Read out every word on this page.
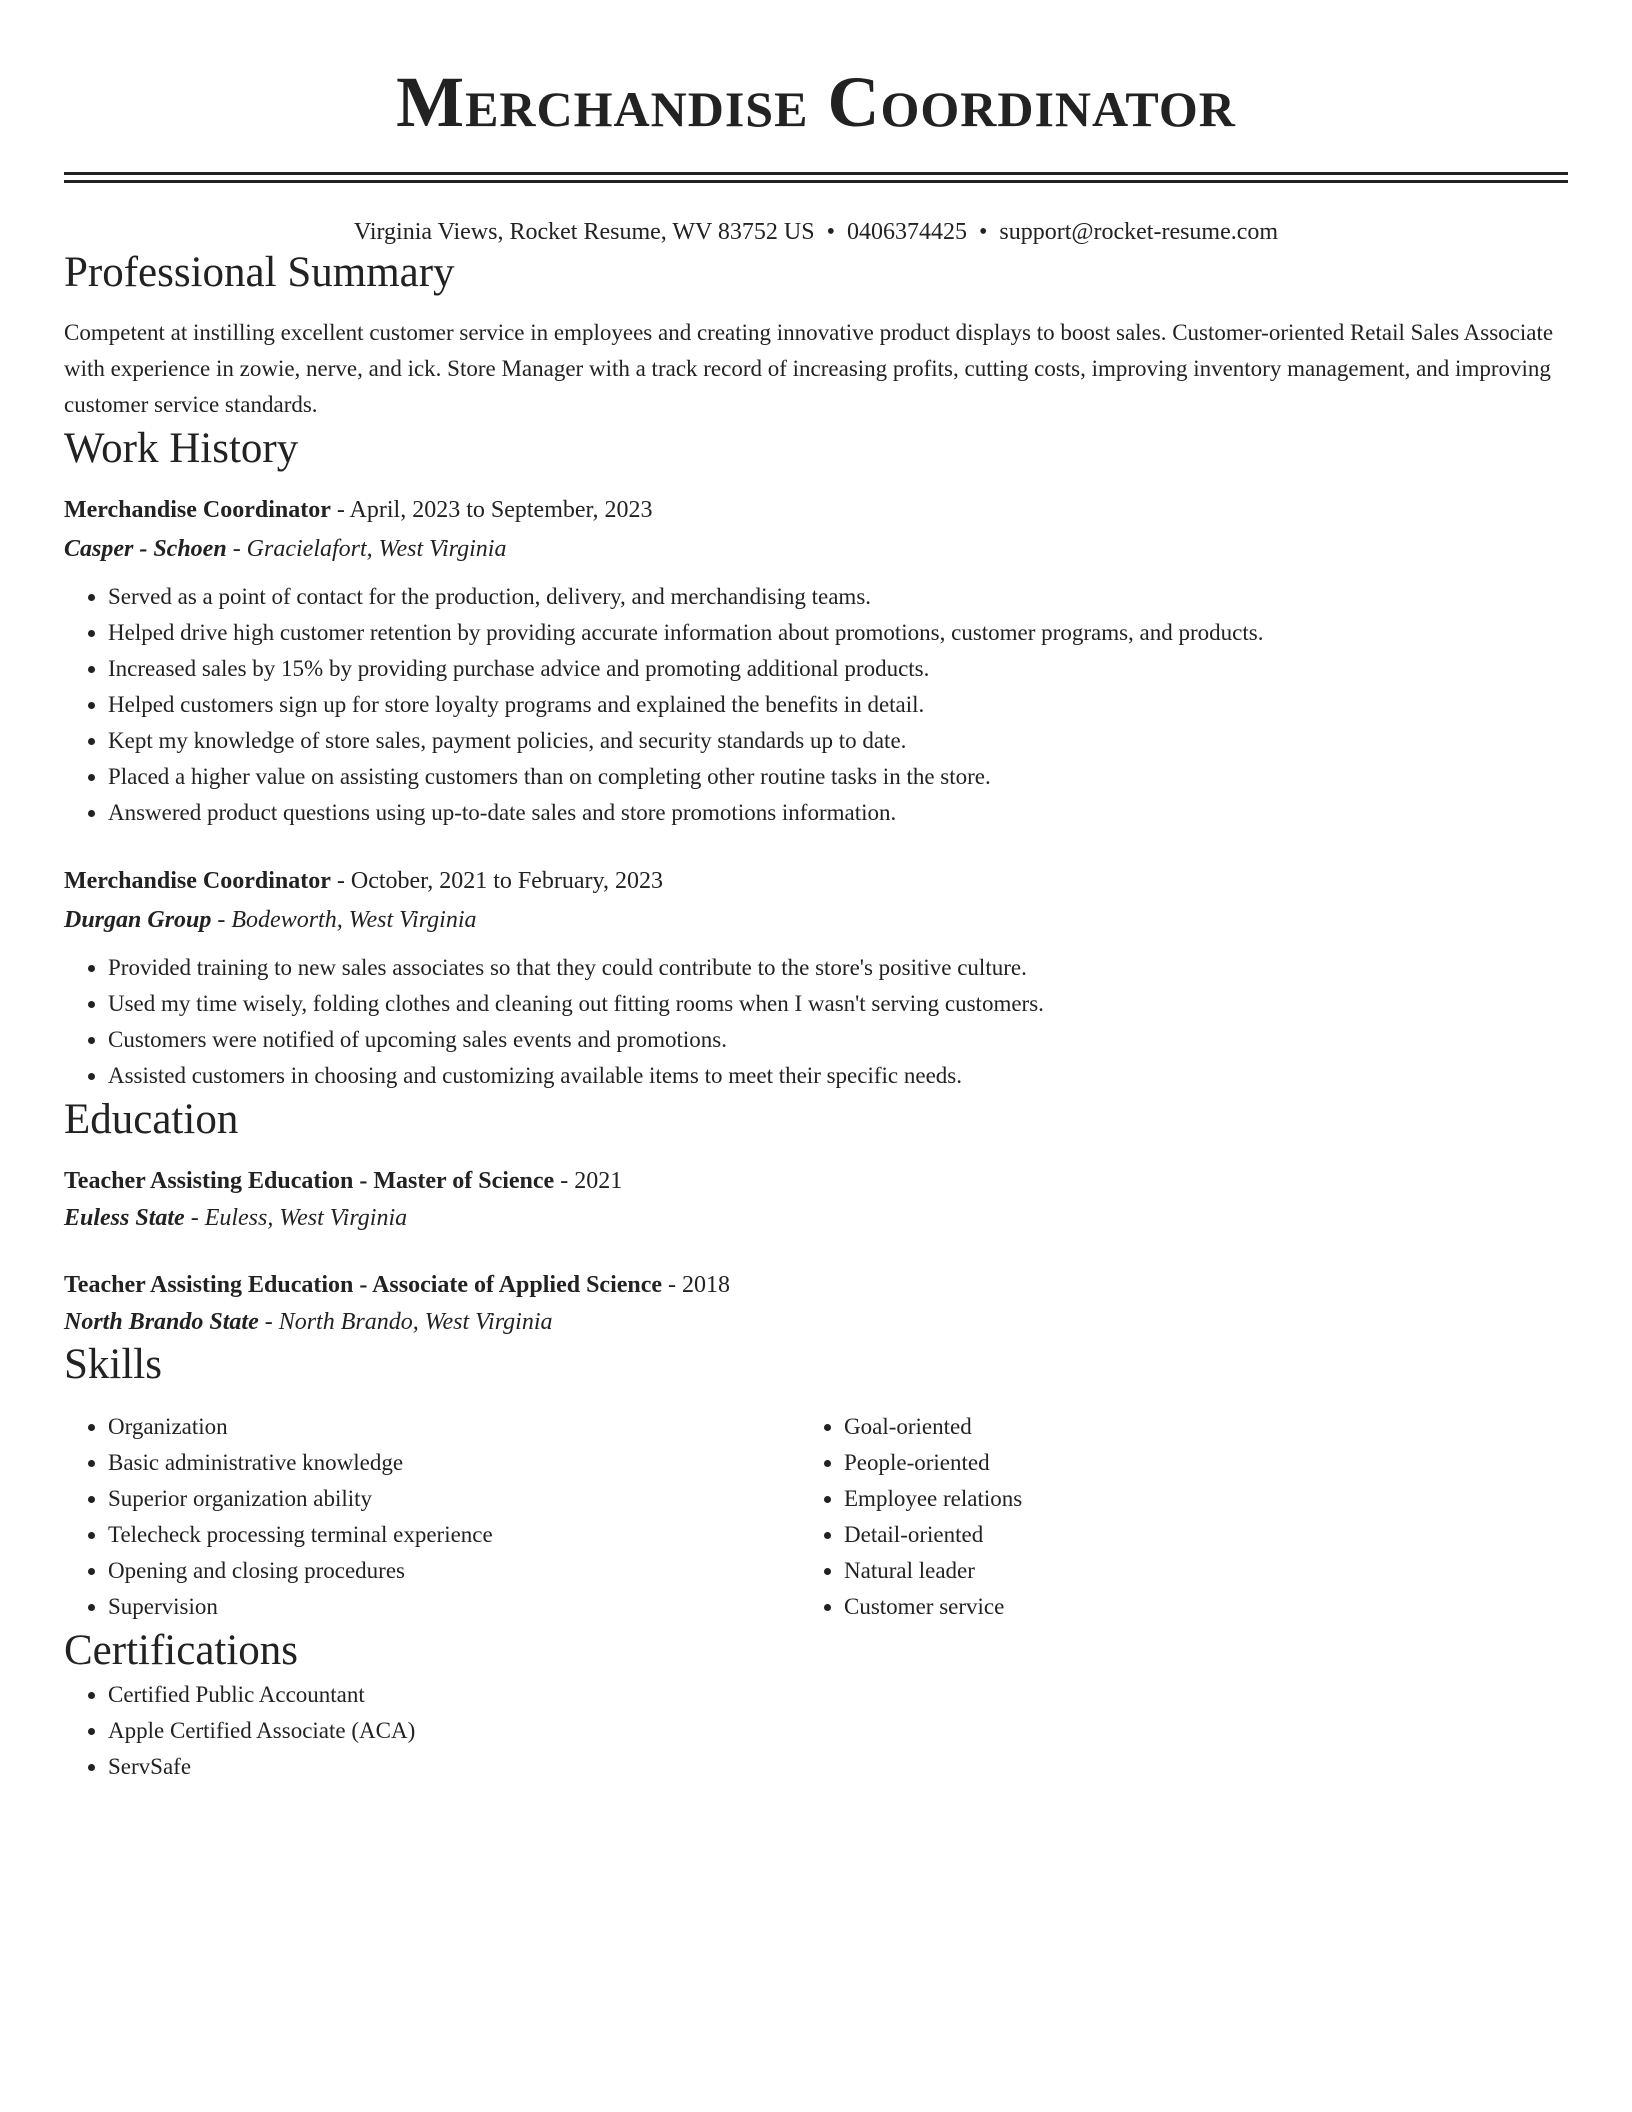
Merchandise Coordinator
Virginia Views, Rocket Resume, WV 83752 US • 0406374425 • support@rocket-resume.com
Professional Summary
Competent at instilling excellent customer service in employees and creating innovative product displays to boost sales. Customer-oriented Retail Sales Associate with experience in zowie, nerve, and ick. Store Manager with a track record of increasing profits, cutting costs, improving inventory management, and improving customer service standards.
Work History
Merchandise Coordinator - April, 2023 to September, 2023
Casper - Schoen - Gracielafort, West Virginia
• Served as a point of contact for the production, delivery, and merchandising teams.
• Helped drive high customer retention by providing accurate information about promotions, customer programs, and products.
• Increased sales by 15% by providing purchase advice and promoting additional products.
• Helped customers sign up for store loyalty programs and explained the benefits in detail.
• Kept my knowledge of store sales, payment policies, and security standards up to date.
• Placed a higher value on assisting customers than on completing other routine tasks in the store.
• Answered product questions using up-to-date sales and store promotions information.
Merchandise Coordinator - October, 2021 to February, 2023
Durgan Group - Bodeworth, West Virginia
• Provided training to new sales associates so that they could contribute to the store's positive culture.
• Used my time wisely, folding clothes and cleaning out fitting rooms when I wasn't serving customers.
• Customers were notified of upcoming sales events and promotions.
• Assisted customers in choosing and customizing available items to meet their specific needs.
Education
Teacher Assisting Education - Master of Science - 2021
Euless State - Euless, West Virginia
Teacher Assisting Education - Associate of Applied Science - 2018
North Brando State - North Brando, West Virginia
Skills
• Organization
• Basic administrative knowledge
• Superior organization ability
• Telecheck processing terminal experience
• Opening and closing procedures
• Supervision
• Goal-oriented
• People-oriented
• Employee relations
• Detail-oriented
• Natural leader
• Customer service
Certifications
• Certified Public Accountant
• Apple Certified Associate (ACA)
• ServSafe
